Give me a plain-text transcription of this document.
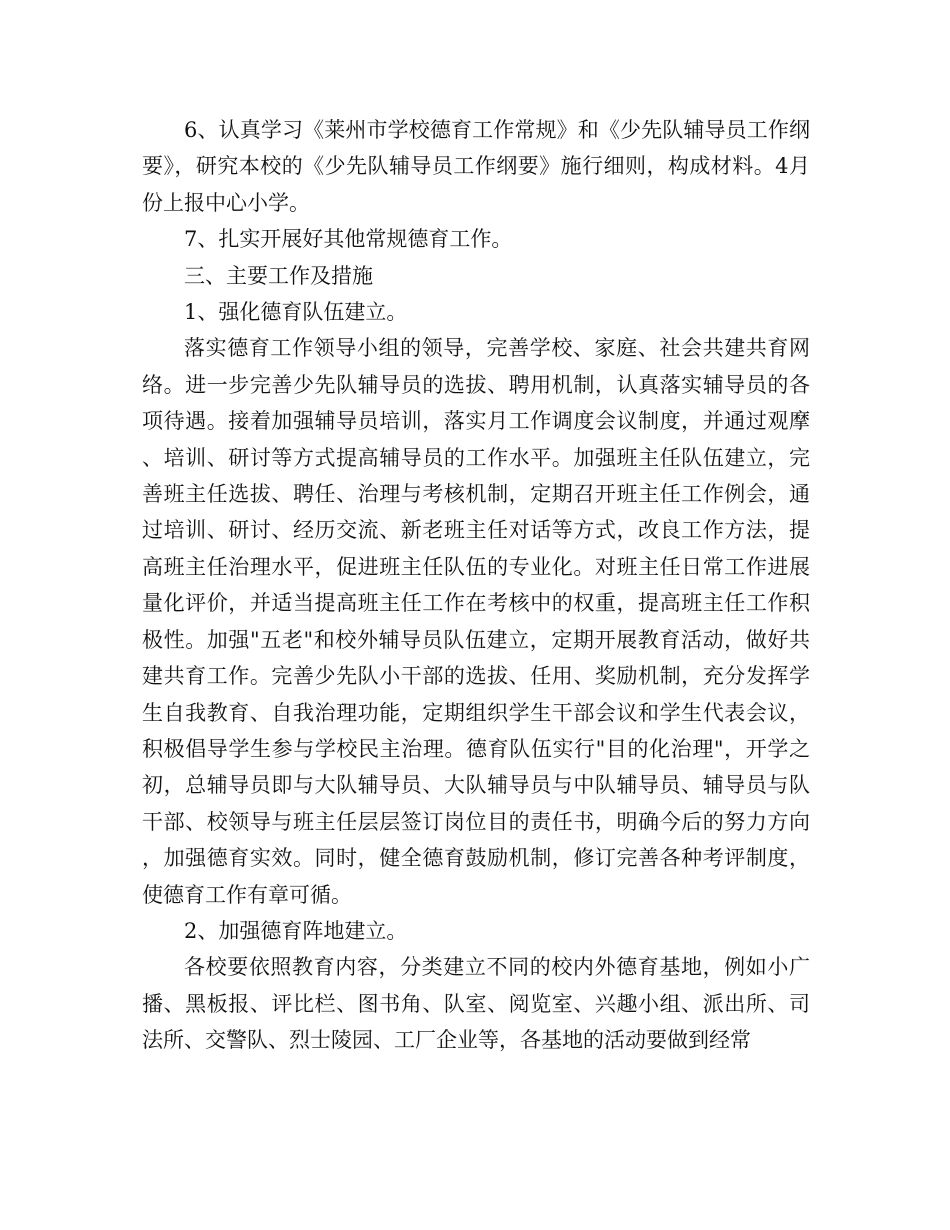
6、认真学习《莱州市学校德育工作常规》和《少先队辅导员工作纲要》，研究本校的《少先队辅导员工作纲要》施行细则，构成材料。4月份上报中心小学。

7、扎实开展好其他常规德育工作。

三、主要工作及措施

1、强化德育队伍建立。

落实德育工作领导小组的领导，完善学校、家庭、社会共建共育网络。进一步完善少先队辅导员的选拔、聘用机制，认真落实辅导员的各项待遇。接着加强辅导员培训，落实月工作调度会议制度，并通过观摩、培训、研讨等方式提高辅导员的工作水平。加强班主任队伍建立，完善班主任选拔、聘任、治理与考核机制，定期召开班主任工作例会，通过培训、研讨、经历交流、新老班主任对话等方式，改良工作方法，提高班主任治理水平，促进班主任队伍的专业化。对班主任日常工作进展量化评价，并适当提高班主任工作在考核中的权重，提高班主任工作积极性。加强"五老"和校外辅导员队伍建立，定期开展教育活动，做好共建共育工作。完善少先队小干部的选拔、任用、奖励机制，充分发挥学生自我教育、自我治理功能，定期组织学生干部会议和学生代表会议，积极倡导学生参与学校民主治理。德育队伍实行"目的化治理"，开学之初，总辅导员即与大队辅导员、大队辅导员与中队辅导员、辅导员与队干部、校领导与班主任层层签订岗位目的责任书，明确今后的努力方向，加强德育实效。同时，健全德育鼓励机制，修订完善各种考评制度，使德育工作有章可循。

2、加强德育阵地建立。

各校要依照教育内容，分类建立不同的校内外德育基地，例如小广播、黑板报、评比栏、图书角、队室、阅览室、兴趣小组、派出所、司法所、交警队、烈士陵园、工厂企业等，各基地的活动要做到经常
